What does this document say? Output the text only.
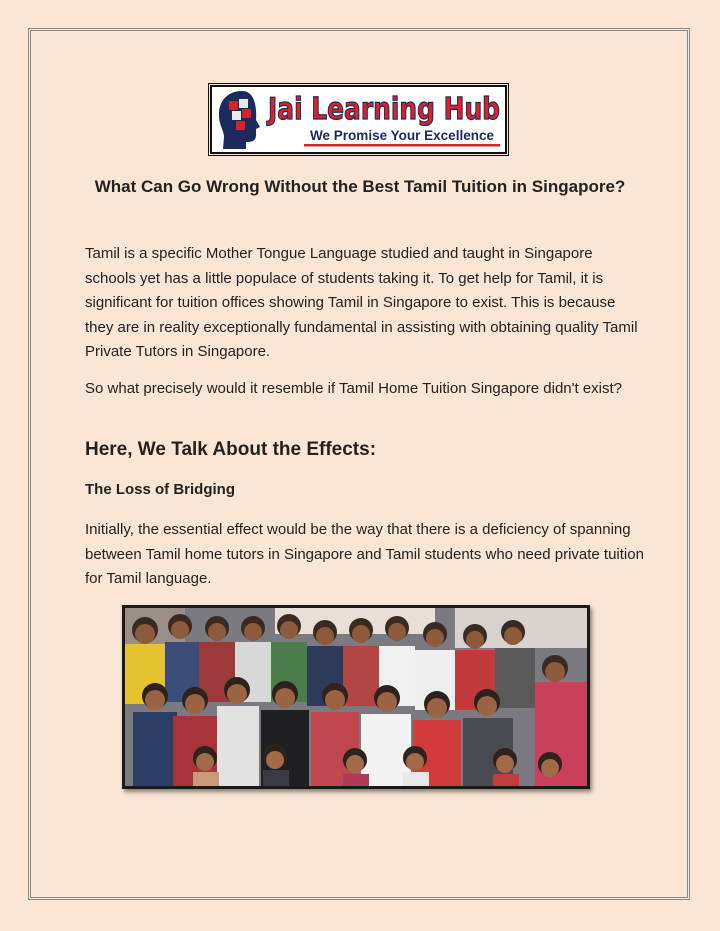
Jai Learning Hub
We Promise Your Excellence
What Can Go Wrong Without the Best Tamil Tuition in Singapore?
Tamil is a specific Mother Tongue Language studied and taught in Singapore schools yet has a little populace of students taking it. To get help for Tamil, it is significant for tuition offices showing Tamil in Singapore to exist. This is because they are in reality exceptionally fundamental in assisting with obtaining quality Tamil Private Tutors in Singapore.
So what precisely would it resemble if Tamil Home Tuition Singapore didn't exist?
Here, We Talk About the Effects:
The Loss of Bridging
Initially, the essential effect would be the way that there is a deficiency of spanning between Tamil home tutors in Singapore and Tamil students who need private tuition for Tamil language.
